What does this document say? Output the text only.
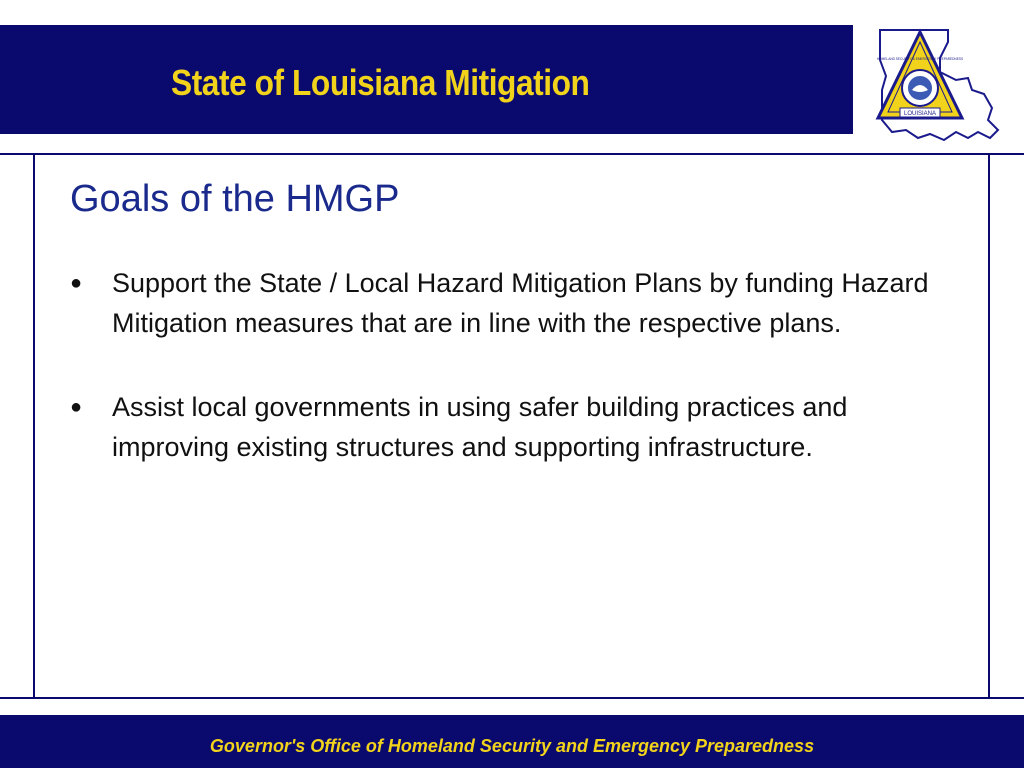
State of Louisiana Mitigation
LOUISIANA
HOMELAND SECURITY & EMERGENCY PREPAREDNESS
Goals of the HMGP
● Support the State / Local Hazard Mitigation Plans by funding Hazard Mitigation measures that are in line with the respective plans.
● Assist local governments in using safer building practices and improving existing structures and supporting infrastructure.
Governor's Office of Homeland Security and Emergency Preparedness
